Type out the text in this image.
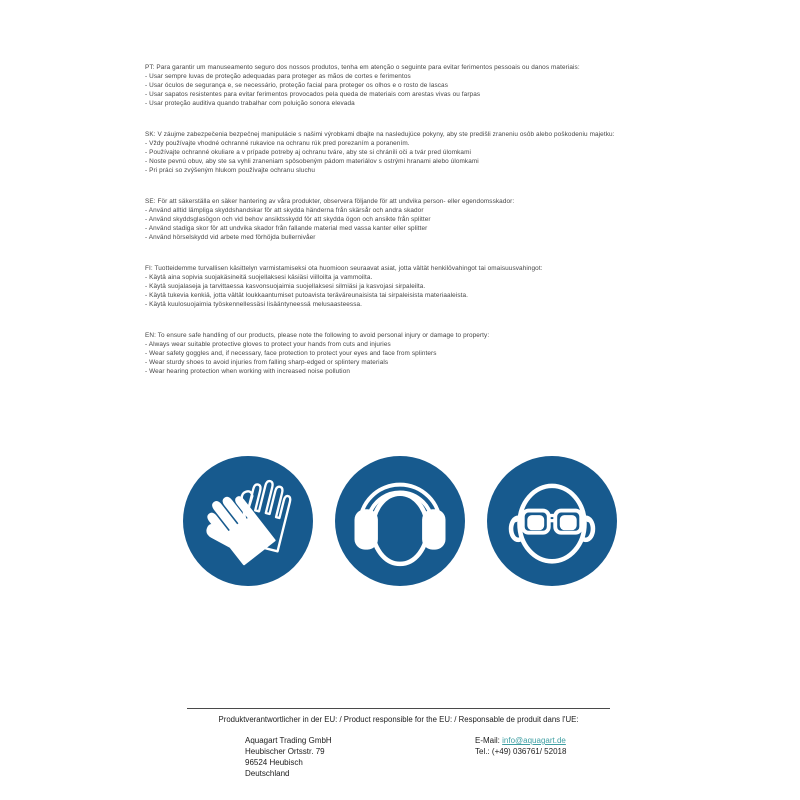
PT: Para garantir um manuseamento seguro dos nossos produtos, tenha em atenção o seguinte para evitar ferimentos pessoais ou danos materiais:

- Usar sempre luvas de proteção adequadas para proteger as mãos de cortes e ferimentos

- Usar óculos de segurança e, se necessário, proteção facial para proteger os olhos e o rosto de lascas

- Usar sapatos resistentes para evitar ferimentos provocados pela queda de materiais com arestas vivas ou farpas

- Usar proteção auditiva quando trabalhar com poluição sonora elevada

SK: V záujme zabezpečenia bezpečnej manipulácie s našimi výrobkami dbajte na nasledujúce pokyny, aby ste predišli zraneniu osôb alebo poškodeniu majetku:

- Vždy používajte vhodné ochranné rukavice na ochranu rúk pred porezaním a poranením.

- Používajte ochranné okuliare a v prípade potreby aj ochranu tváre, aby ste si chránili oči a tvár pred úlomkami

- Noste pevnú obuv, aby ste sa vyhli zraneniam spôsobeným pádom materiálov s ostrými hranami alebo úlomkami

- Pri práci so zvýšeným hlukom používajte ochranu sluchu

SE: För att säkerställa en säker hantering av våra produkter, observera följande för att undvika person- eller egendomsskador:

- Använd alltid lämpliga skyddshandskar för att skydda händerna från skärsår och andra skador

- Använd skyddsglasögon och vid behov ansiktsskydd för att skydda ögon och ansikte från splitter

- Använd stadiga skor för att undvika skador från fallande material med vassa kanter eller splitter

- Använd hörselskydd vid arbete med förhöjda bullernivåer

FI: Tuotteidemme turvallisen käsittelyn varmistamiseksi ota huomioon seuraavat asiat, jotta vältät henkilövahingot tai omaisuusvahingot:

- Käytä aina sopivia suojakäsineitä suojellaksesi käsiäsi viilloilta ja vammoilta.

- Käytä suojalaseja ja tarvittaessa kasvonsuojaimia suojellaksesi silmiäsi ja kasvojasi sirpaleilta.

- Käytä tukevia kenkiä, jotta vältät loukkaantumiset putoavista teräväreunaisista tai sirpaleisista materiaaleista.

- Käytä kuulosuojaimia työskennellessäsi lisääntyneessä melusaasteessa.

EN: To ensure safe handling of our products, please note the following to avoid personal injury or damage to property:

- Always wear suitable protective gloves to protect your hands from cuts and injuries

- Wear safety goggles and, if necessary, face protection to protect your eyes and face from splinters

- Wear sturdy shoes to avoid injuries from falling sharp-edged or splintery materials

- Wear hearing protection when working with increased noise pollution

Produktverantwortlicher in der EU: / Product responsible for the EU: / Responsable de produit dans l'UE:
Aquagart Trading GmbH
Heubischer Ortsstr. 79
96524 Heubisch
Deutschland
E-Mail: info@aquagart.de
Tel.: (+49) 036761/ 52018
